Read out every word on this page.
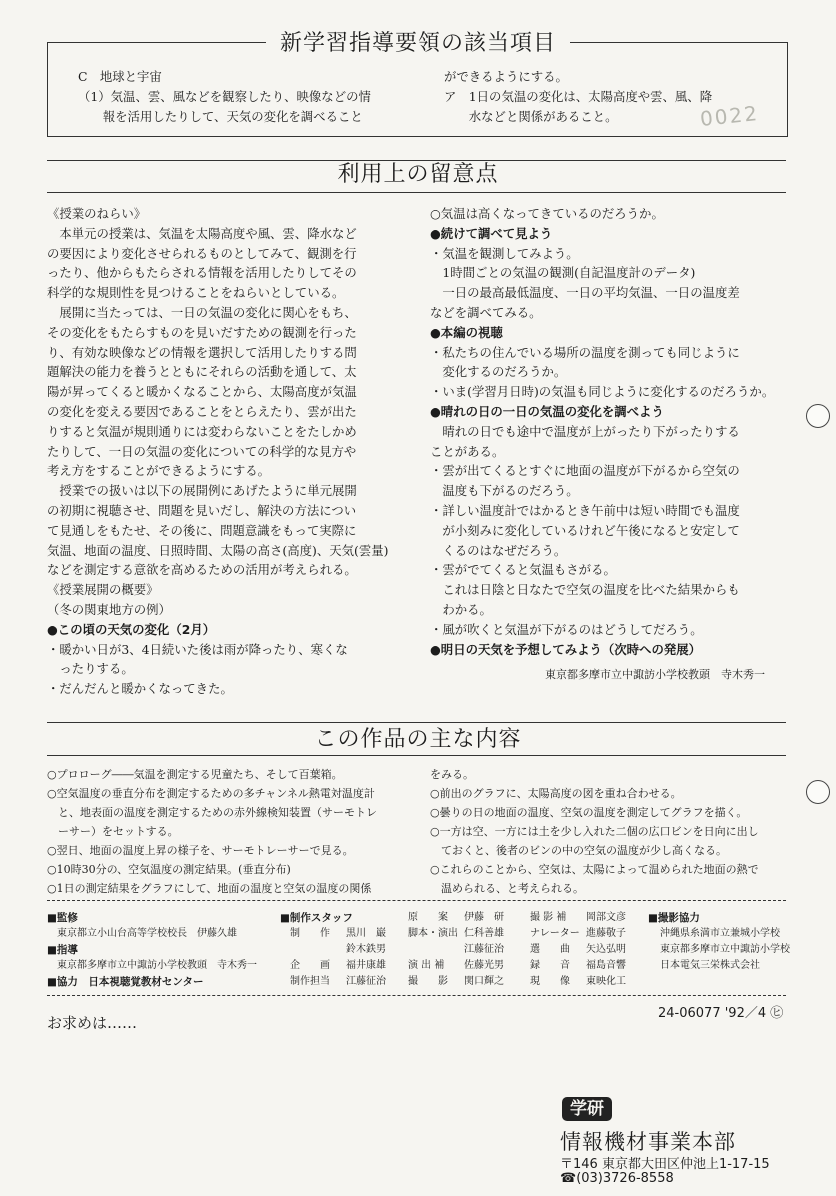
0022
新学習指導要領の該当項目
C　地球と宇宙
（1）気温、雲、風などを観察したり、映像などの情
　　報を活用したりして、天気の変化を調べること
ができるようにする。
ア　1日の気温の変化は、太陽高度や雲、風、降
　　水などと関係があること。
利用上の留意点
《授業のねらい》
　本単元の授業は、気温を太陽高度や風、雲、降水など
の要因により変化させられるものとしてみて、観測を行
ったり、他からもたらされる情報を活用したりしてその
科学的な規則性を見つけることをねらいとしている。
　展開に当たっては、一日の気温の変化に関心をもち、
その変化をもたらすものを見いだすための観測を行った
り、有効な映像などの情報を選択して活用したりする問
題解決の能力を養うとともにそれらの活動を通して、太
陽が昇ってくると暖かくなることから、太陽高度が気温
の変化を変える要因であることをとらえたり、雲が出た
りすると気温が規則通りには変わらないことをたしかめ
たりして、一日の気温の変化についての科学的な見方や
考え方をすることができるようにする。
　授業での扱いは以下の展開例にあげたように単元展開
の初期に視聴させ、問題を見いだし、解決の方法につい
て見通しをもたせ、その後に、問題意識をもって実際に
気温、地面の温度、日照時間、太陽の高さ(高度)、天気(雲量)
などを測定する意欲を高めるための活用が考えられる。
《授業展開の概要》
（冬の関東地方の例）
●この頃の天気の変化（2月）
・暖かい日が3、4日続いた後は雨が降ったり、寒くな
　ったりする。
・だんだんと暖かくなってきた。
○気温は高くなってきているのだろうか。
●続けて調べて見よう
・気温を観測してみよう。
　1時間ごとの気温の観測(自記温度計のデータ)
　一日の最高最低温度、一日の平均気温、一日の温度差
などを調べてみる。
●本編の視聴
・私たちの住んでいる場所の温度を測っても同じように
　変化するのだろうか。
・いま(学習月日時)の気温も同じように変化するのだろうか。
●晴れの日の一日の気温の変化を調べよう
　晴れの日でも途中で温度が上がったり下がったりする
ことがある。
・雲が出てくるとすぐに地面の温度が下がるから空気の
　温度も下がるのだろう。
・詳しい温度計ではかるとき午前中は短い時間でも温度
　が小刻みに変化しているけれど午後になると安定して
　くるのはなぜだろう。
・雲がでてくると気温もさがる。
　これは日陰と日なたで空気の温度を比べた結果からも
　わかる。
・風が吹くと気温が下がるのはどうしてだろう。
●明日の天気を予想してみよう（次時への発展）
東京都多摩市立中諏訪小学校教頭　寺木秀一
この作品の主な内容
○プロローグ――気温を測定する児童たち、そして百葉箱。
○空気温度の垂直分布を測定するための多チャンネル熱電対温度計
　と、地表面の温度を測定するための赤外線検知装置（サーモトレ
　ーサー）をセットする。
○翌日、地面の温度上昇の様子を、サーモトレーサーで見る。
○10時30分の、空気温度の測定結果。(垂直分布)
○1日の測定結果をグラフにして、地面の温度と空気の温度の関係
をみる。
○前出のグラフに、太陽高度の図を重ね合わせる。
○曇りの日の地面の温度、空気の温度を測定してグラフを描く。
○一方は空、一方には土を少し入れた二個の広口ビンを日向に出し
　ておくと、後者のビンの中の空気の温度が少し高くなる。
○これらのことから、空気は、太陽によって温められた地面の熱で
　温められる、と考えられる。
■監修
東京都立小山台高等学校校長　伊藤久雄
■指導
東京都多摩市立中諏訪小学校教頭　寺木秀一
■協力　日本視聴覚教材センター
■制作スタッフ
制　　作 黒川　巌
鈴木鉄男
企　　画 福井康雄
制作担当 江藤征治
原　　案 伊藤　研
脚本・演出 仁科善雄
江藤征治
演 出 補 佐藤光男
撮　　影 関口輝之
撮 影 補 岡部文彦
ナレーター 進藤敬子
選　　曲 矢込弘明
録　　音 福島音響
現　　像 東映化工
■撮影協力
沖縄県糸満市立兼城小学校
東京都多摩市立中諏訪小学校
日本電気三栄株式会社
お求めは……
24-06077 '92／4 ㋪
学研
情報機材事業本部
〒146 東京都大田区仲池上1-17-15
☎(03)3726-8558
